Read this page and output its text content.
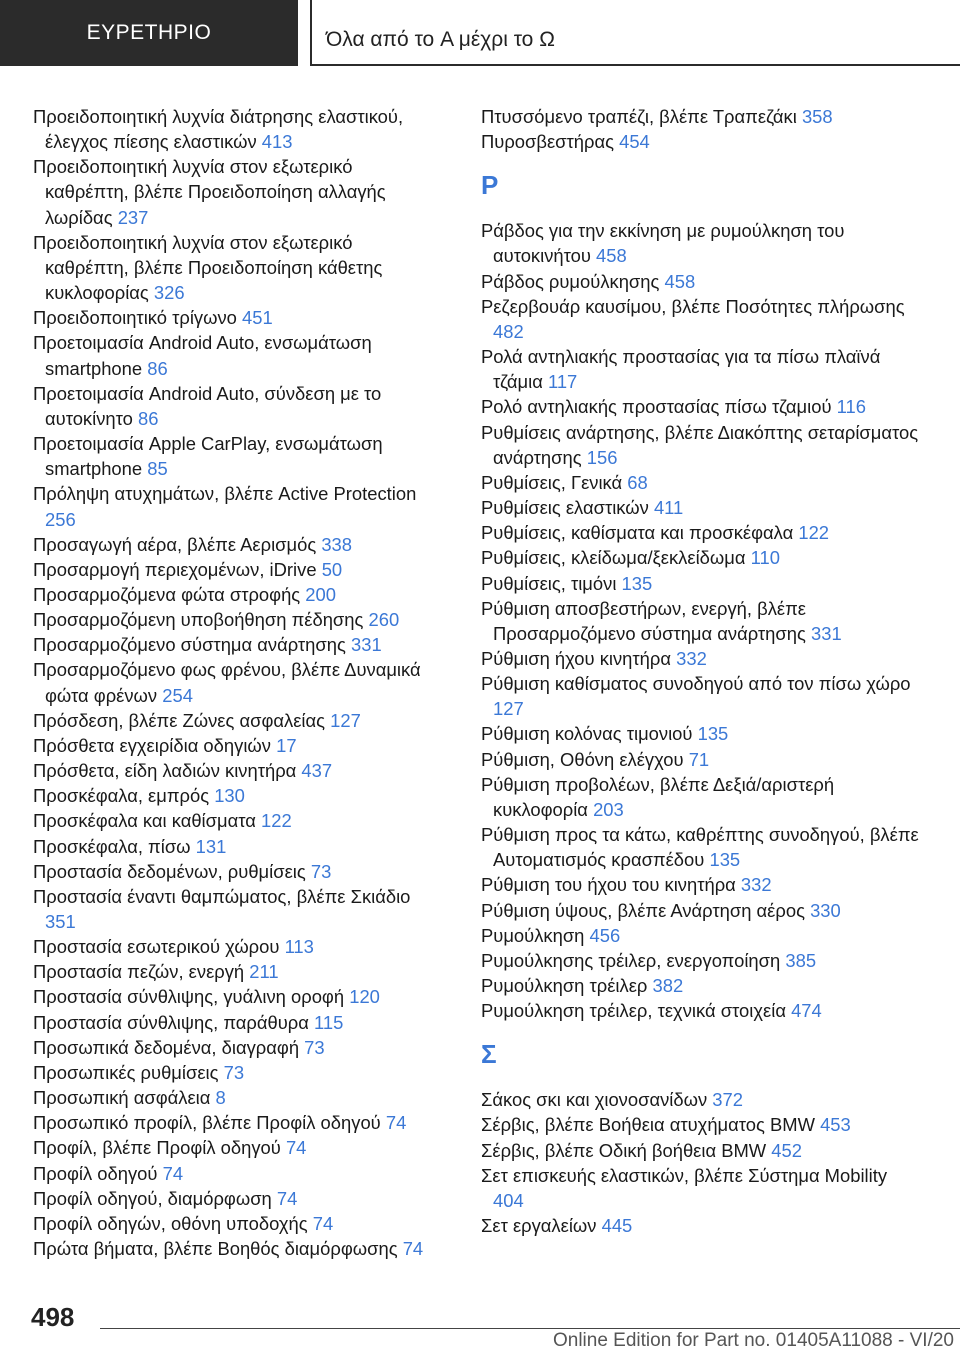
ΕΥΡΕΤΗΡΙΟ	Όλα από το A μέχρι το Ω
Προειδοποιητική λυχνία διάτρησης ελαστικού, έλεγχος πίεσης ελαστικών 413
Προειδοποιητική λυχνία στον εξωτερικό καθρέπτη, βλέπε Προειδοποίηση αλλαγής λωρίδας 237
Προειδοποιητική λυχνία στον εξωτερικό καθρέπτη, βλέπε Προειδοποίηση κάθετης κυκλοφορίας 326
Προειδοποιητικό τρίγωνο 451
Προετοιμασία Android Auto, ενσωμάτωση smartphone 86
Προετοιμασία Android Auto, σύνδεση με το αυτοκίνητο 86
Προετοιμασία Apple CarPlay, ενσωμάτωση smartphone 85
Πρόληψη ατυχημάτων, βλέπε Active Protection 256
Προσαγωγή αέρα, βλέπε Αερισμός 338
Προσαρμογή περιεχομένων, iDrive 50
Προσαρμοζόμενα φώτα στροφής 200
Προσαρμοζόμενη υποβοήθηση πέδησης 260
Προσαρμοζόμενο σύστημα ανάρτησης 331
Προσαρμοζόμενο φως φρένου, βλέπε Δυναμικά φώτα φρένων 254
Πρόσδεση, βλέπε Ζώνες ασφαλείας 127
Πρόσθετα εγχειρίδια οδηγιών 17
Πρόσθετα, είδη λαδιών κινητήρα 437
Προσκέφαλα, εμπρός 130
Προσκέφαλα και καθίσματα 122
Προσκέφαλα, πίσω 131
Προστασία δεδομένων, ρυθμίσεις 73
Προστασία έναντι θαμπώματος, βλέπε Σκιάδιο 351
Προστασία εσωτερικού χώρου 113
Προστασία πεζών, ενεργή 211
Προστασία σύνθλιψης, γυάλινη οροφή 120
Προστασία σύνθλιψης, παράθυρα 115
Προσωπικά δεδομένα, διαγραφή 73
Προσωπικές ρυθμίσεις 73
Προσωπική ασφάλεια 8
Προσωπικό προφίλ, βλέπε Προφίλ οδηγού 74
Προφίλ, βλέπε Προφίλ οδηγού 74
Προφίλ οδηγού 74
Προφίλ οδηγού, διαμόρφωση 74
Προφίλ οδηγών, οθόνη υποδοχής 74
Πρώτα βήματα, βλέπε Βοηθός διαμόρφωσης 74
Πτυσσόμενο τραπέζι, βλέπε Τραπεζάκι 358
Πυροσβεστήρας 454
Ρ
Ράβδος για την εκκίνηση με ρυμούλκηση του αυτοκινήτου 458
Ράβδος ρυμούλκησης 458
Ρεζερβουάρ καυσίμου, βλέπε Ποσότητες πλήρωσης 482
Ρολά αντηλιακής προστασίας για τα πίσω πλαϊνά τζάμια 117
Ρολό αντηλιακής προστασίας πίσω τζαμιού 116
Ρυθμίσεις ανάρτησης, βλέπε Διακόπτης σεταρίσματος ανάρτησης 156
Ρυθμίσεις, Γενικά 68
Ρυθμίσεις ελαστικών 411
Ρυθμίσεις, καθίσματα και προσκέφαλα 122
Ρυθμίσεις, κλείδωμα/ξεκλείδωμα 110
Ρυθμίσεις, τιμόνι 135
Ρύθμιση αποσβεστήρων, ενεργή, βλέπε Προσαρμοζόμενο σύστημα ανάρτησης 331
Ρύθμιση ήχου κινητήρα 332
Ρύθμιση καθίσματος συνοδηγού από τον πίσω χώρο 127
Ρύθμιση κολόνας τιμονιού 135
Ρύθμιση, Οθόνη ελέγχου 71
Ρύθμιση προβολέων, βλέπε Δεξιά/αριστερή κυκλοφορία 203
Ρύθμιση προς τα κάτω, καθρέπτης συνοδηγού, βλέπε Αυτοματισμός κρασπέδου 135
Ρύθμιση του ήχου του κινητήρα 332
Ρύθμιση ύψους, βλέπε Ανάρτηση αέρος 330
Ρυμούλκηση 456
Ρυμούλκησης τρέιλερ, ενεργοποίηση 385
Ρυμούλκηση τρέιλερ 382
Ρυμούλκηση τρέιλερ, τεχνικά στοιχεία 474
Σ
Σάκος σκι και χιονοσανίδων 372
Σέρβις, βλέπε Βοήθεια ατυχήματος BMW 453
Σέρβις, βλέπε Οδική βοήθεια BMW 452
Σετ επισκευής ελαστικών, βλέπε Σύστημα Mobility 404
Σετ εργαλείων 445
498
Online Edition for Part no. 01405A11088 - VI/20
